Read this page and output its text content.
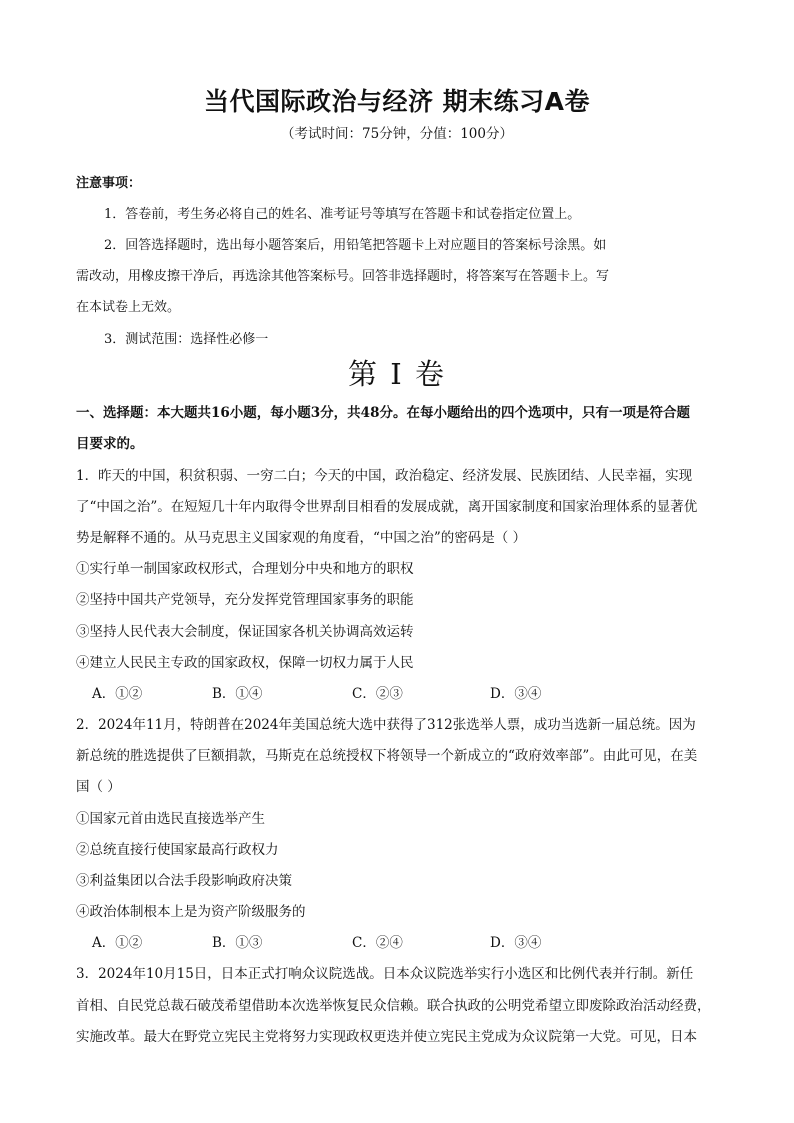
当代国际政治与经济 期末练习A卷
（考试时间：75分钟，分值：100分）
注意事项：
1．答卷前，考生务必将自己的姓名、准考证号等填写在答题卡和试卷指定位置上。
2．回答选择题时，选出每小题答案后，用铅笔把答题卡上对应题目的答案标号涂黑。如
需改动，用橡皮擦干净后，再选涂其他答案标号。回答非选择题时，将答案写在答题卡上。写
在本试卷上无效。
3．测试范围：选择性必修一
第 I 卷
一、选择题：本大题共16小题，每小题3分，共48分。在每小题给出的四个选项中，只有一项是符合题
目要求的。
1．昨天的中国，积贫积弱、一穷二白；今天的中国，政治稳定、经济发展、民族团结、人民幸福，实现
了“中国之治”。在短短几十年内取得令世界刮目相看的发展成就，离开国家制度和国家治理体系的显著优
势是解释不通的。从马克思主义国家观的角度看，“中国之治”的密码是（ ）
①实行单一制国家政权形式，合理划分中央和地方的职权
②坚持中国共产党领导，充分发挥党管理国家事务的职能
③坚持人民代表大会制度，保证国家各机关协调高效运转
④建立人民民主专政的国家政权，保障一切权力属于人民
A．①②	B．①④	C．②③	D．③④
2．2024年11月，特朗普在2024年美国总统大选中获得了312张选举人票，成功当选新一届总统。因为
新总统的胜选提供了巨额捐款，马斯克在总统授权下将领导一个新成立的“政府效率部”。由此可见，在美
国（ ）
①国家元首由选民直接选举产生
②总统直接行使国家最高行政权力
③利益集团以合法手段影响政府决策
④政治体制根本上是为资产阶级服务的
A．①②	B．①③	C．②④	D．③④
3．2024年10月15日，日本正式打响众议院选战。日本众议院选举实行小选区和比例代表并行制。新任
首相、自民党总裁石破茂希望借助本次选举恢复民众信赖。联合执政的公明党希望立即废除政治活动经费，
实施改革。最大在野党立宪民主党将努力实现政权更迭并使立宪民主党成为众议院第一大党。可见，日本
